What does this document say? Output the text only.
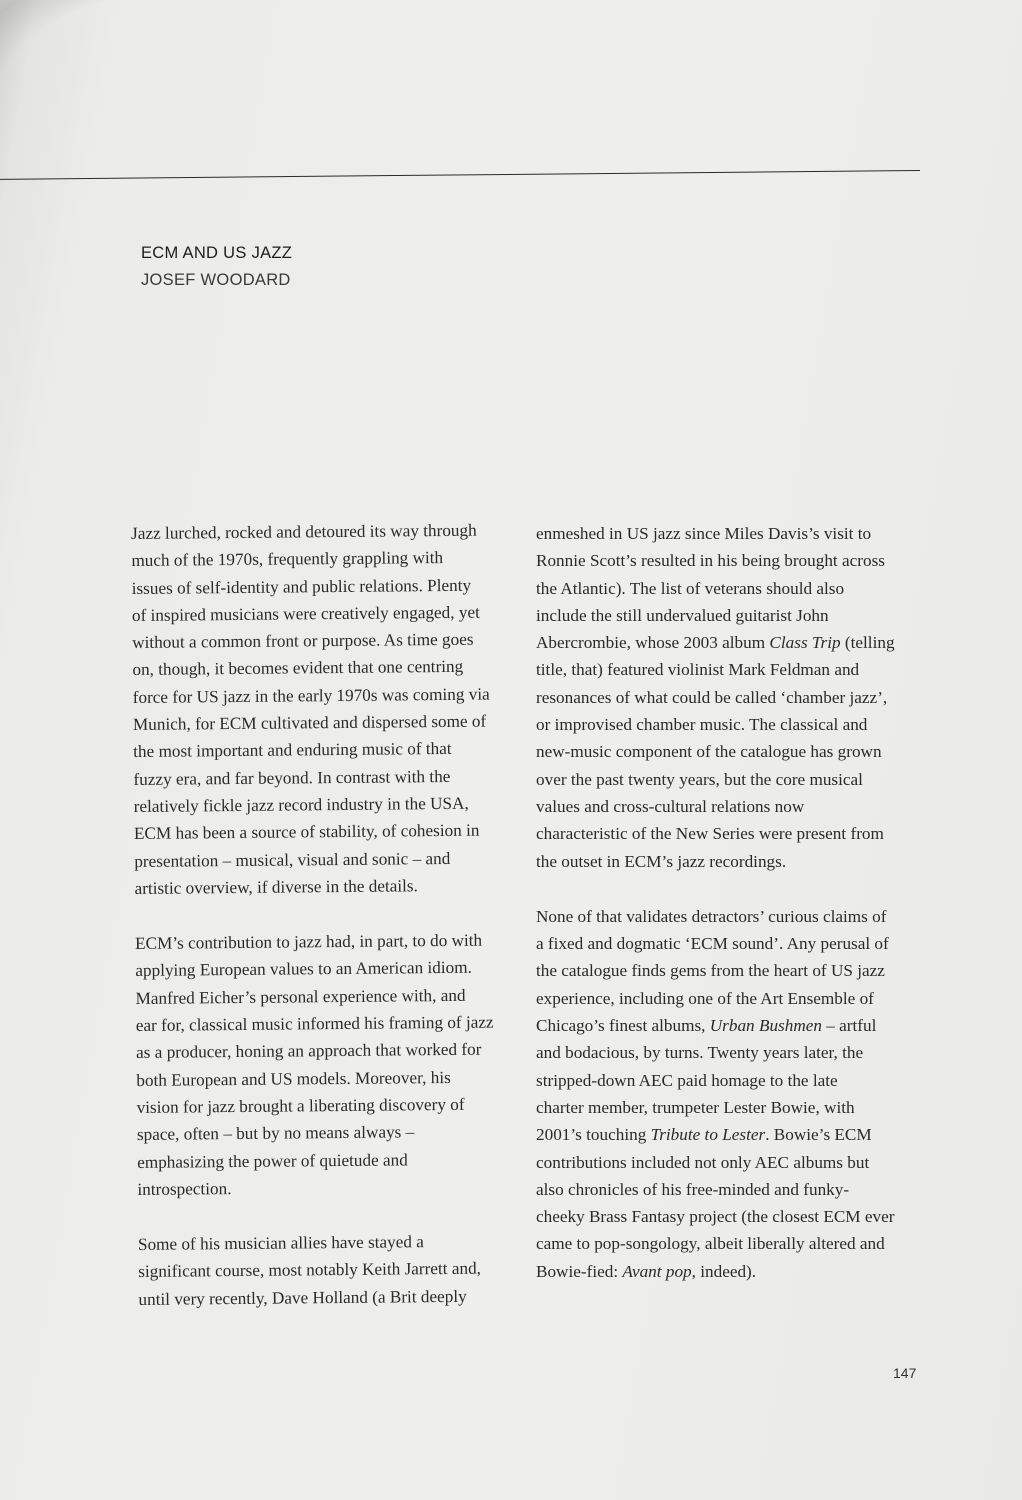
ECM AND US JAZZ
JOSEF WOODARD

Jazz lurched, rocked and detoured its way through
much of the 1970s, frequently grappling with
issues of self-identity and public relations. Plenty
of inspired musicians were creatively engaged, yet
without a common front or purpose. As time goes
on, though, it becomes evident that one centring
force for US jazz in the early 1970s was coming via
Munich, for ECM cultivated and dispersed some of
the most important and enduring music of that
fuzzy era, and far beyond. In contrast with the
relatively fickle jazz record industry in the USA,
ECM has been a source of stability, of cohesion in
presentation – musical, visual and sonic – and
artistic overview, if diverse in the details.

ECM’s contribution to jazz had, in part, to do with
applying European values to an American idiom.
Manfred Eicher’s personal experience with, and
ear for, classical music informed his framing of jazz
as a producer, honing an approach that worked for
both European and US models. Moreover, his
vision for jazz brought a liberating discovery of
space, often – but by no means always –
emphasizing the power of quietude and
introspection.

Some of his musician allies have stayed a
significant course, most notably Keith Jarrett and,
until very recently, Dave Holland (a Brit deeply

enmeshed in US jazz since Miles Davis’s visit to
Ronnie Scott’s resulted in his being brought across
the Atlantic). The list of veterans should also
include the still undervalued guitarist John
Abercrombie, whose 2003 album Class Trip (telling
title, that) featured violinist Mark Feldman and
resonances of what could be called ‘chamber jazz’,
or improvised chamber music. The classical and
new-music component of the catalogue has grown
over the past twenty years, but the core musical
values and cross-cultural relations now
characteristic of the New Series were present from
the outset in ECM’s jazz recordings.

None of that validates detractors’ curious claims of
a fixed and dogmatic ‘ECM sound’. Any perusal of
the catalogue finds gems from the heart of US jazz
experience, including one of the Art Ensemble of
Chicago’s finest albums, Urban Bushmen – artful
and bodacious, by turns. Twenty years later, the
stripped-down AEC paid homage to the late
charter member, trumpeter Lester Bowie, with
2001’s touching Tribute to Lester. Bowie’s ECM
contributions included not only AEC albums but
also chronicles of his free-minded and funky-
cheeky Brass Fantasy project (the closest ECM ever
came to pop-songology, albeit liberally altered and
Bowie-fied: Avant pop, indeed).

147
